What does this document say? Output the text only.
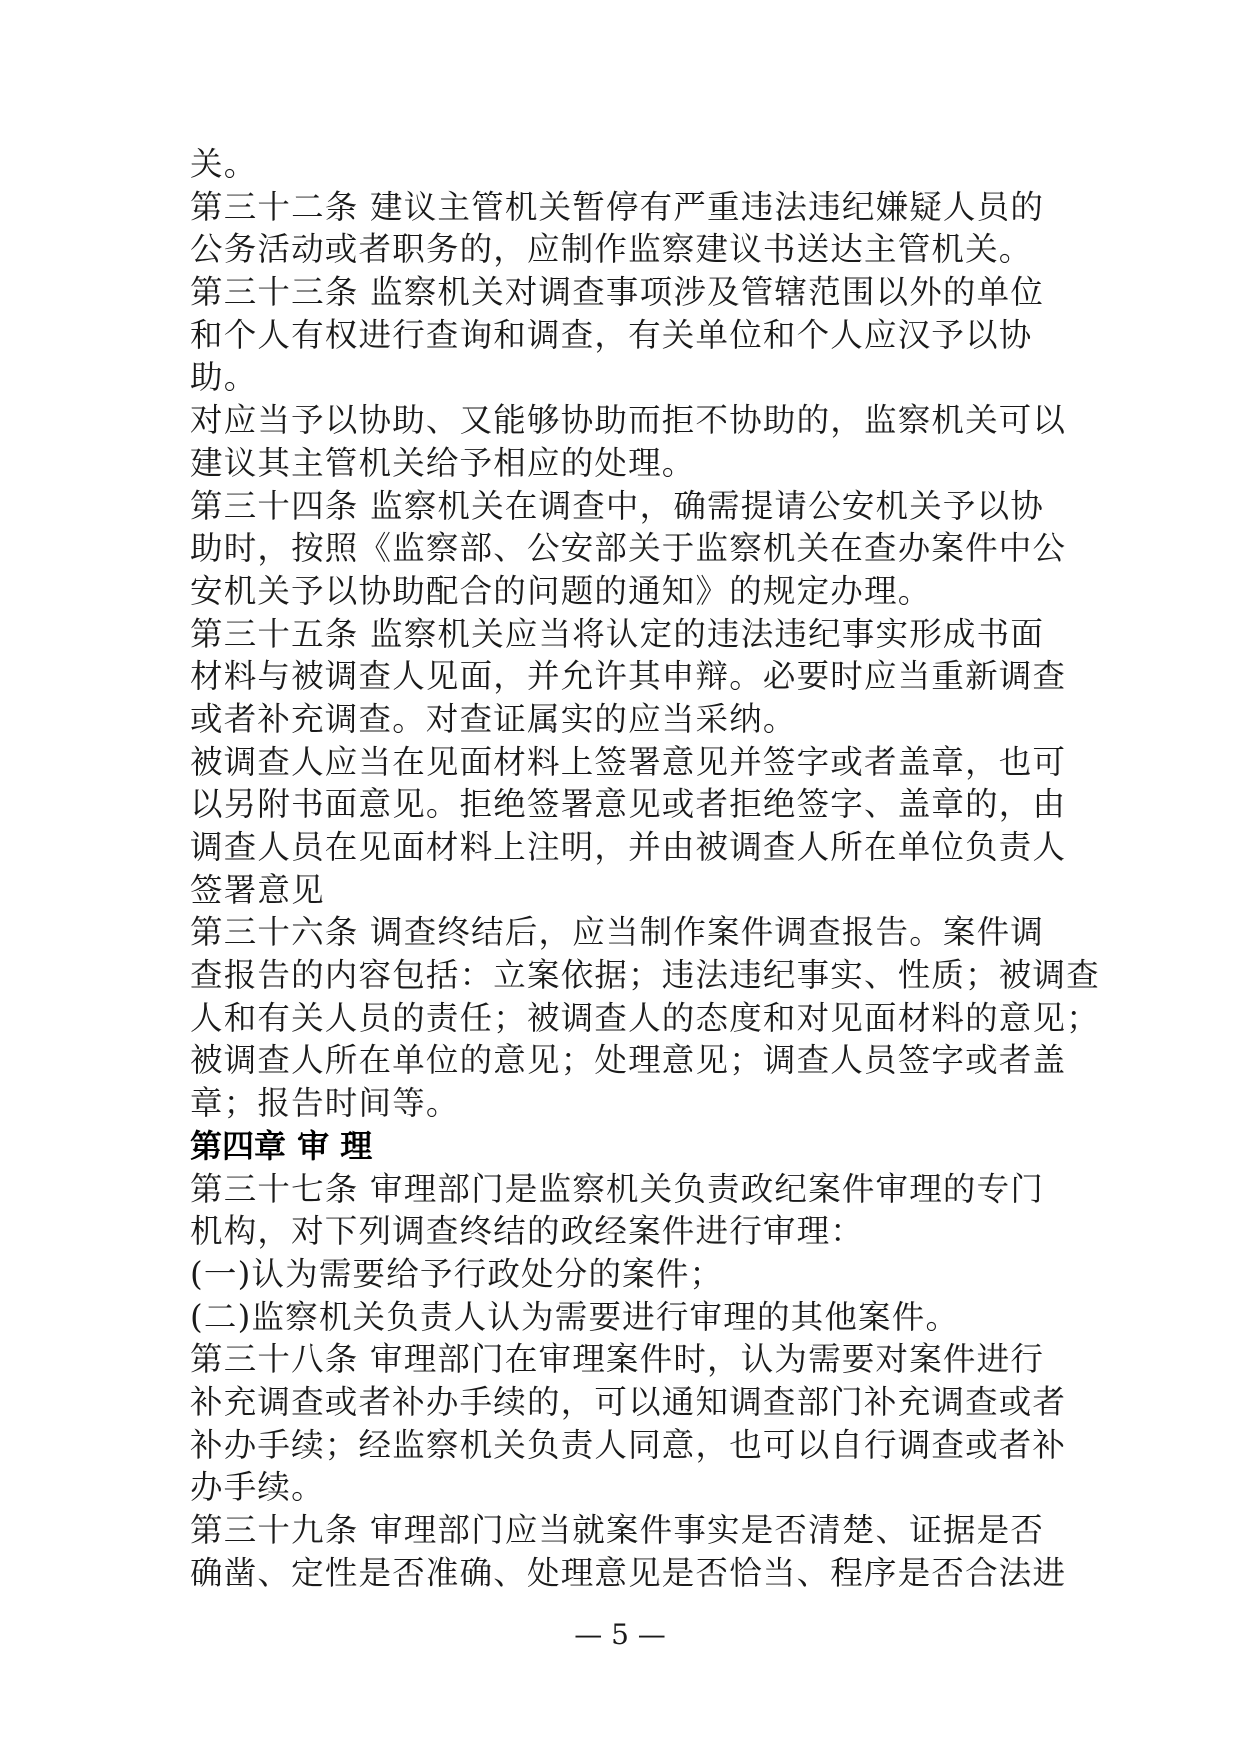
关。
第三十二条 建议主管机关暂停有严重违法违纪嫌疑人员的
公务活动或者职务的，应制作监察建议书送达主管机关。
第三十三条 监察机关对调查事项涉及管辖范围以外的单位
和个人有权进行查询和调查，有关单位和个人应汉予以协
助。
对应当予以协助、又能够协助而拒不协助的，监察机关可以
建议其主管机关给予相应的处理。
第三十四条 监察机关在调查中，确需提请公安机关予以协
助时，按照《监察部、公安部关于监察机关在查办案件中公
安机关予以协助配合的问题的通知》的规定办理。
第三十五条 监察机关应当将认定的违法违纪事实形成书面
材料与被调查人见面，并允许其申辩。必要时应当重新调查
或者补充调查。对查证属实的应当采纳。
被调查人应当在见面材料上签署意见并签字或者盖章，也可
以另附书面意见。拒绝签署意见或者拒绝签字、盖章的，由
调查人员在见面材料上注明，并由被调查人所在单位负责人
签署意见
第三十六条 调查终结后，应当制作案件调查报告。案件调
查报告的内容包括：立案依据；违法违纪事实、性质；被调查
人和有关人员的责任；被调查人的态度和对见面材料的意见；
被调查人所在单位的意见；处理意见；调查人员签字或者盖
章；报告时间等。
第四章 审 理
第三十七条 审理部门是监察机关负责政纪案件审理的专门
机构，对下列调查终结的政经案件进行审理：
(一)认为需要给予行政处分的案件；
(二)监察机关负责人认为需要进行审理的其他案件。
第三十八条 审理部门在审理案件时，认为需要对案件进行
补充调查或者补办手续的，可以通知调查部门补充调查或者
补办手续；经监察机关负责人同意，也可以自行调查或者补
办手续。
第三十九条 审理部门应当就案件事实是否清楚、证据是否
确凿、定性是否准确、处理意见是否恰当、程序是否合法进
— 5 —
